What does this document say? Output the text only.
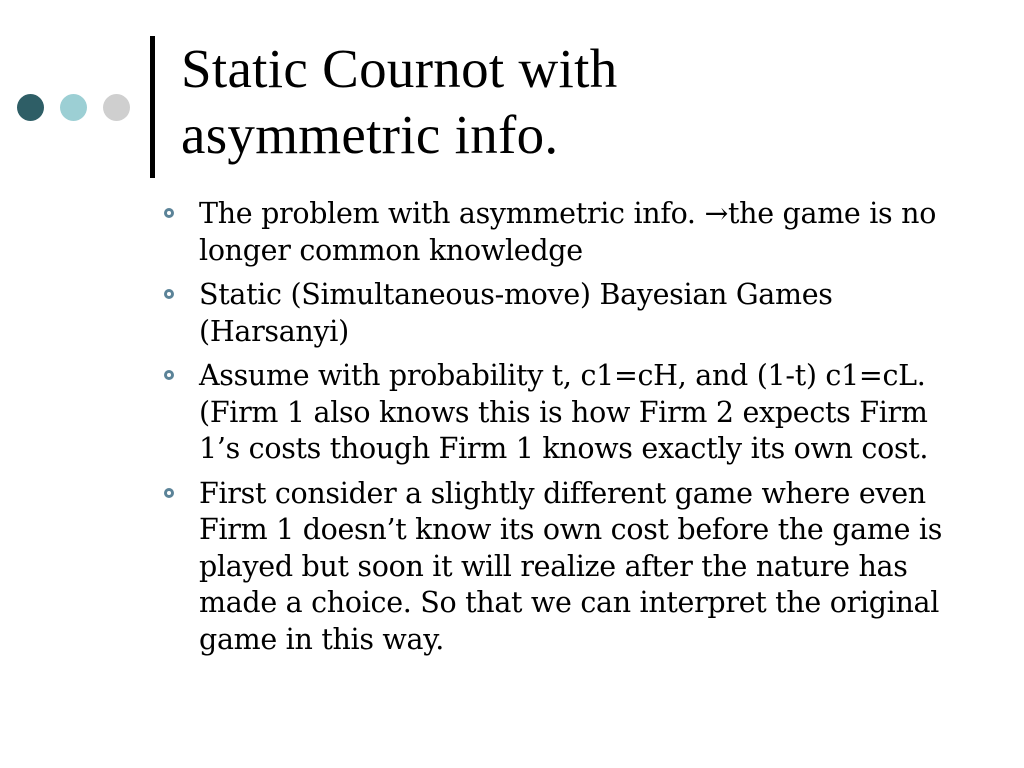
Static Cournot with
asymmetric info.
The problem with asymmetric info. →the game is no longer common knowledge
Static (Simultaneous-move) Bayesian Games (Harsanyi)
Assume with probability t, c1=cH, and (1-t) c1=cL. (Firm 1 also knows this is how Firm 2 expects Firm 1’s costs though Firm 1 knows exactly its own cost.
First consider a slightly different game where even Firm 1 doesn’t know its own cost before the game is played but soon it will realize after the nature has made a choice. So that we can interpret the original game in this way.
